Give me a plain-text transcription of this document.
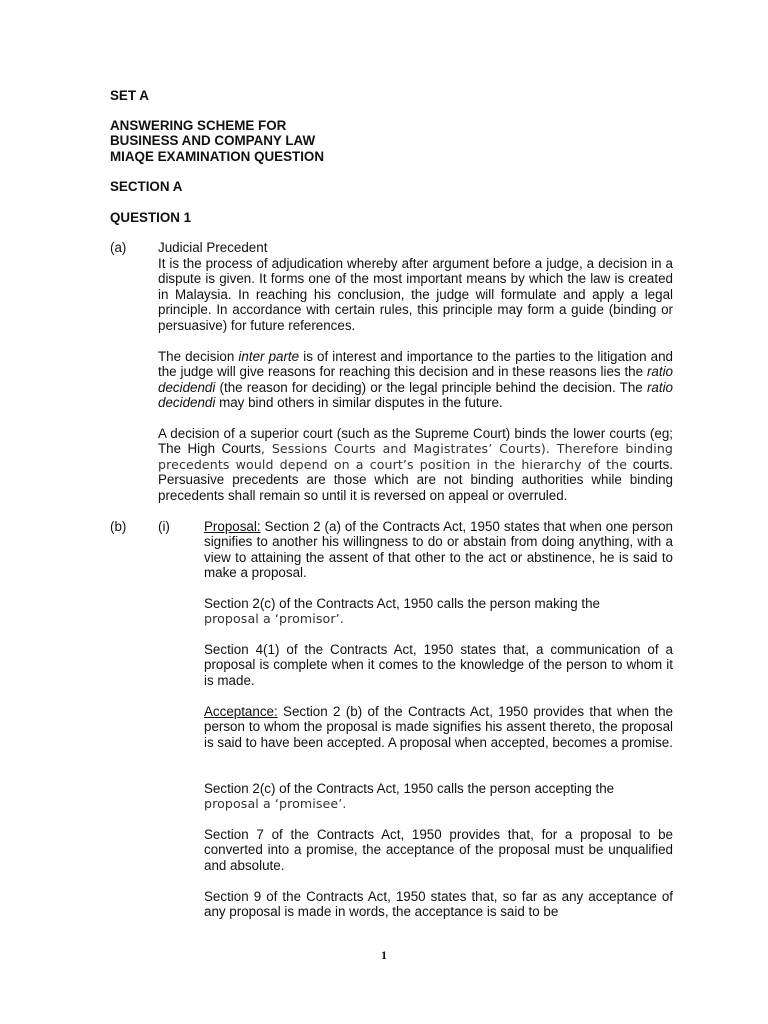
SET A
ANSWERING SCHEME FOR
BUSINESS AND COMPANY LAW
MIAQE EXAMINATION QUESTION
SECTION A
QUESTION 1
(a) Judicial Precedent
It is the process of adjudication whereby after argument before a judge, a decision in a dispute is given. It forms one of the most important means by which the law is created in Malaysia. In reaching his conclusion, the judge will formulate and apply a legal principle. In accordance with certain rules, this principle may form a guide (binding or persuasive) for future references.
The decision inter parte is of interest and importance to the parties to the litigation and the judge will give reasons for reaching this decision and in these reasons lies the ratio decidendi (the reason for deciding) or the legal principle behind the decision. The ratio decidendi may bind others in similar disputes in the future.
A decision of a superior court (such as the Supreme Court) binds the lower courts (eg; The High Courts, Sessions Courts and Magistrates’ Courts). Therefore binding precedents would depend on a court’s position in the hierarchy of the courts. Persuasive precedents are those which are not binding authorities while binding precedents shall remain so until it is reversed on appeal or overruled.
(b) (i)	Proposal: Section 2 (a) of the Contracts Act, 1950 states that when one person signifies to another his willingness to do or abstain from doing anything, with a view to attaining the assent of that other to the act or abstinence, he is said to make a proposal.
Section 2(c) of the Contracts Act, 1950 calls the person making the
proposal a ‘promisor’.
Section 4(1) of the Contracts Act, 1950 states that, a communication of a proposal is complete when it comes to the knowledge of the person to whom it is made.
Acceptance: Section 2 (b) of the Contracts Act, 1950 provides that when the person to whom the proposal is made signifies his assent thereto, the proposal is said to have been accepted. A proposal when accepted, becomes a promise.
Section 2(c) of the Contracts Act, 1950 calls the person accepting the
proposal a ‘promisee’.
Section 7 of the Contracts Act, 1950 provides that, for a proposal to be converted into a promise, the acceptance of the proposal must be unqualified and absolute.
Section 9 of the Contracts Act, 1950 states that, so far as any acceptance of any proposal is made in words, the acceptance is said to be
1
